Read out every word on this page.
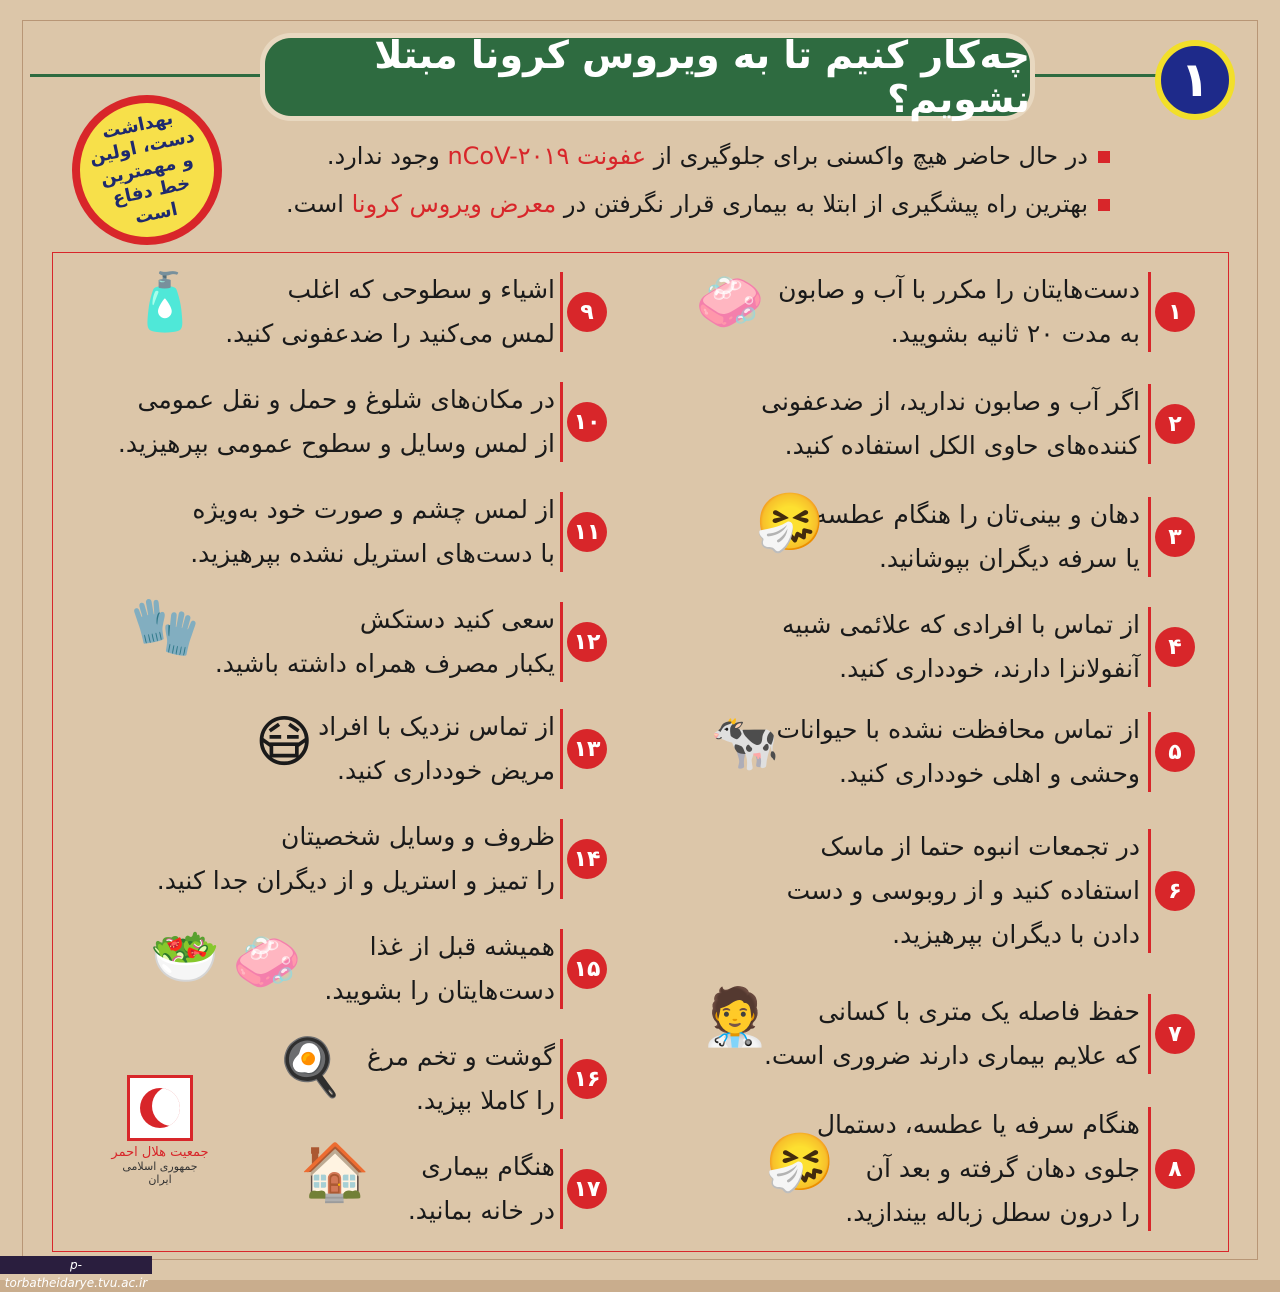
چه‌کار کنیم تا به ویروس کرونا مبتلا نشویم؟	۱
بهداشت دست، اولین و مهمترین خط دفاع است
در حال حاضر هیچ واکسنی برای جلوگیری از عفونت nCoV-۲۰۱۹ وجود ندارد.
بهترین راه پیشگیری از ابتلا به بیماری قرار نگرفتن در معرض ویروس کرونا است.
۱
دست‌هایتان را مکرر با آب و صابون
به مدت ۲۰ ثانیه بشویید.
۲
اگر آب و صابون ندارید، از ضدعفونی
کننده‌های حاوی الکل استفاده کنید.
۳
دهان و بینی‌تان را هنگام عطسه
یا سرفه دیگران بپوشانید.
۴
از تماس با افرادی که علائمی شبیه
آنفولانزا دارند، خودداری کنید.
۵
از تماس محافظت نشده با حیوانات
وحشی و اهلی خودداری کنید.
۶
در تجمعات انبوه حتما از ماسک
استفاده کنید و از روبوسی و دست
دادن با دیگران بپرهیزید.
۷
حفظ فاصله یک متری با کسانی
که علایم بیماری دارند ضروری است.
۸
هنگام سرفه یا عطسه، دستمال
جلوی دهان گرفته و بعد آن
را درون سطل زباله بیندازید.
۹
اشیاء و سطوحی که اغلب
لمس می‌کنید را ضدعفونی کنید.
۱۰
در مکان‌های شلوغ و حمل و نقل عمومی
از لمس وسایل و سطوح عمومی بپرهیزید.
۱۱
از لمس چشم و صورت خود به‌ویژه
با دست‌های استریل نشده بپرهیزید.
۱۲
سعی کنید دستکش
یکبار مصرف همراه داشته باشید.
۱۳
از تماس نزدیک با افراد
مریض خودداری کنید.
۱۴
ظروف و وسایل شخصیتان
را تمیز و استریل و از دیگران جدا کنید.
۱۵
همیشه قبل از غذا
دست‌هایتان را بشویید.
۱۶
گوشت و تخم مرغ
را کاملا بپزید.
۱۷
هنگام بیماری
در خانه بمانید.
🧼
🤧
🐄
🧑‍⚕️
🤧
🧴
🧤
😷
🥗 🧼
🍳
🏠
جمعیت هلال احمر
جمهوری اسلامی ایران
p-torbatheidarye.tvu.ac.ir
